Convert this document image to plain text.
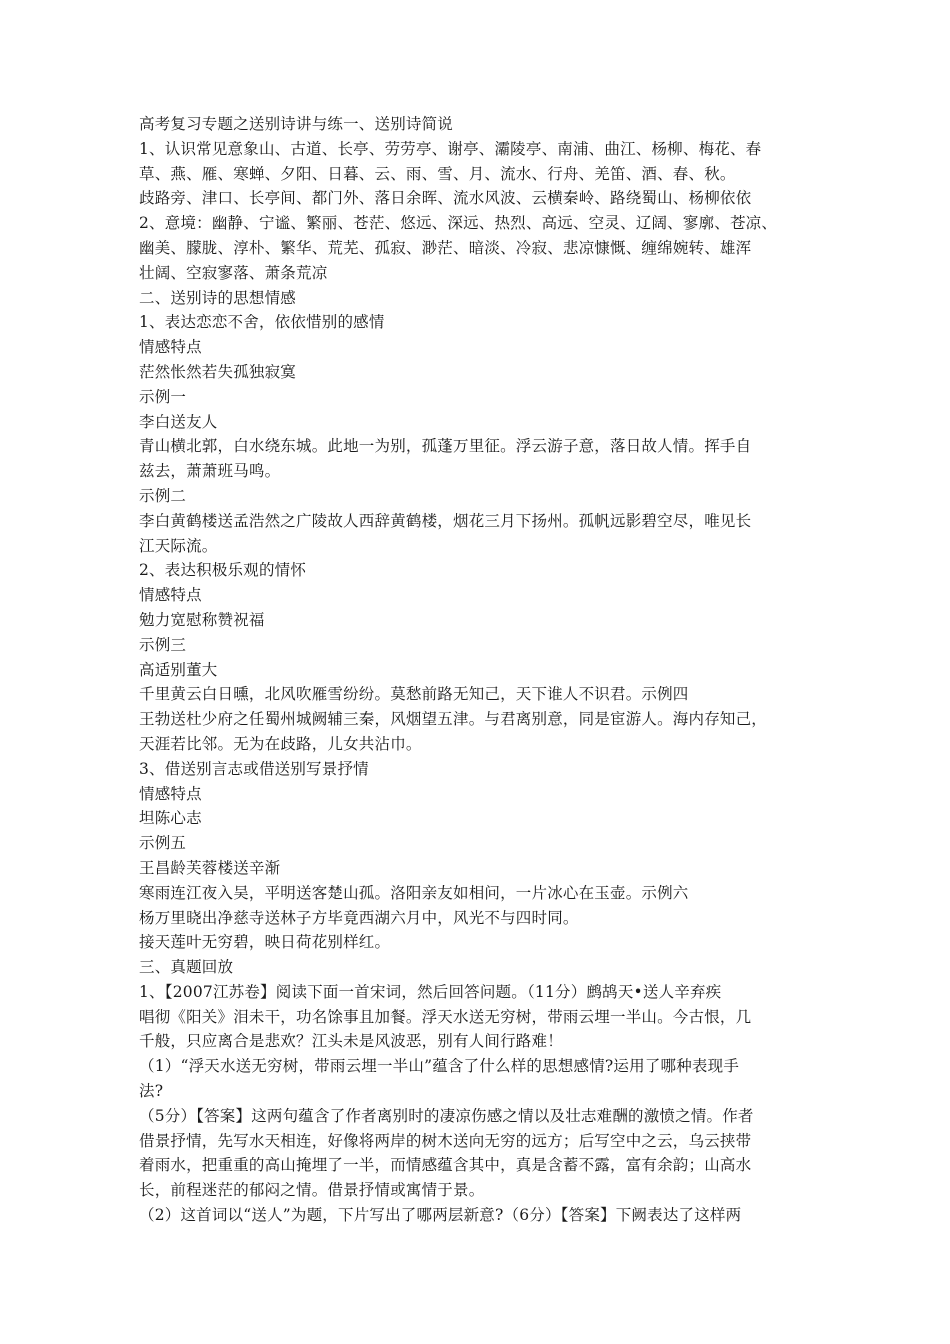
高考复习专题之送别诗讲与练一、送别诗简说
1、认识常见意象山、古道、长亭、劳劳亭、谢亭、灞陵亭、南浦、曲江、杨柳、梅花、春
草、燕、雁、寒蝉、夕阳、日暮、云、雨、雪、月、流水、行舟、羌笛、酒、春、秋。
歧路旁、津口、长亭间、都门外、落日余晖、流水风波、云横秦岭、路绕蜀山、杨柳依依
2、意境：幽静、宁谧、繁丽、苍茫、悠远、深远、热烈、高远、空灵、辽阔、寥廓、苍凉、
幽美、朦胧、淳朴、繁华、荒芜、孤寂、渺茫、暗淡、冷寂、悲凉慷慨、缠绵婉转、雄浑
壮阔、空寂寥落、萧条荒凉
二、送别诗的思想情感
1、表达恋恋不舍，依依惜别的感情
情感特点
茫然怅然若失孤独寂寞
示例一
李白送友人
青山横北郭，白水绕东城。此地一为别，孤蓬万里征。浮云游子意，落日故人情。挥手自
兹去，萧萧班马鸣。
示例二
李白黄鹤楼送孟浩然之广陵故人西辞黄鹤楼，烟花三月下扬州。孤帆远影碧空尽，唯见长
江天际流。
2、表达积极乐观的情怀
情感特点
勉力宽慰称赞祝福
示例三
高适别董大
千里黄云白日曛，北风吹雁雪纷纷。莫愁前路无知己，天下谁人不识君。示例四
王勃送杜少府之任蜀州城阙辅三秦，风烟望五津。与君离别意，同是宦游人。海内存知己，
天涯若比邻。无为在歧路，儿女共沾巾。
3、借送别言志或借送别写景抒情
情感特点
坦陈心志
示例五
王昌龄芙蓉楼送辛渐
寒雨连江夜入吴，平明送客楚山孤。洛阳亲友如相问，一片冰心在玉壶。示例六
杨万里晓出净慈寺送林子方毕竟西湖六月中，风光不与四时同。
接天莲叶无穷碧，映日荷花别样红。
三、真题回放
1、【2007江苏卷】阅读下面一首宋词，然后回答问题。（11分）鹧鸪天•送人辛弃疾
唱彻《阳关》泪未干，功名馀事且加餐。浮天水送无穷树，带雨云埋一半山。今古恨，几
千般，只应离合是悲欢？江头未是风波恶，别有人间行路难！
（1）“浮天水送无穷树，带雨云埋一半山”蕴含了什么样的思想感情?运用了哪种表现手
法?
（5分）【答案】这两句蕴含了作者离别时的凄凉伤感之情以及壮志难酬的激愤之情。作者
借景抒情，先写水天相连，好像将两岸的树木送向无穷的远方；后写空中之云，乌云挟带
着雨水，把重重的高山掩埋了一半，而情感蕴含其中，真是含蓄不露，富有余韵；山高水
长，前程迷茫的郁闷之情。借景抒情或寓情于景。
（2）这首词以“送人”为题，下片写出了哪两层新意?（6分）【答案】下阙表达了这样两
